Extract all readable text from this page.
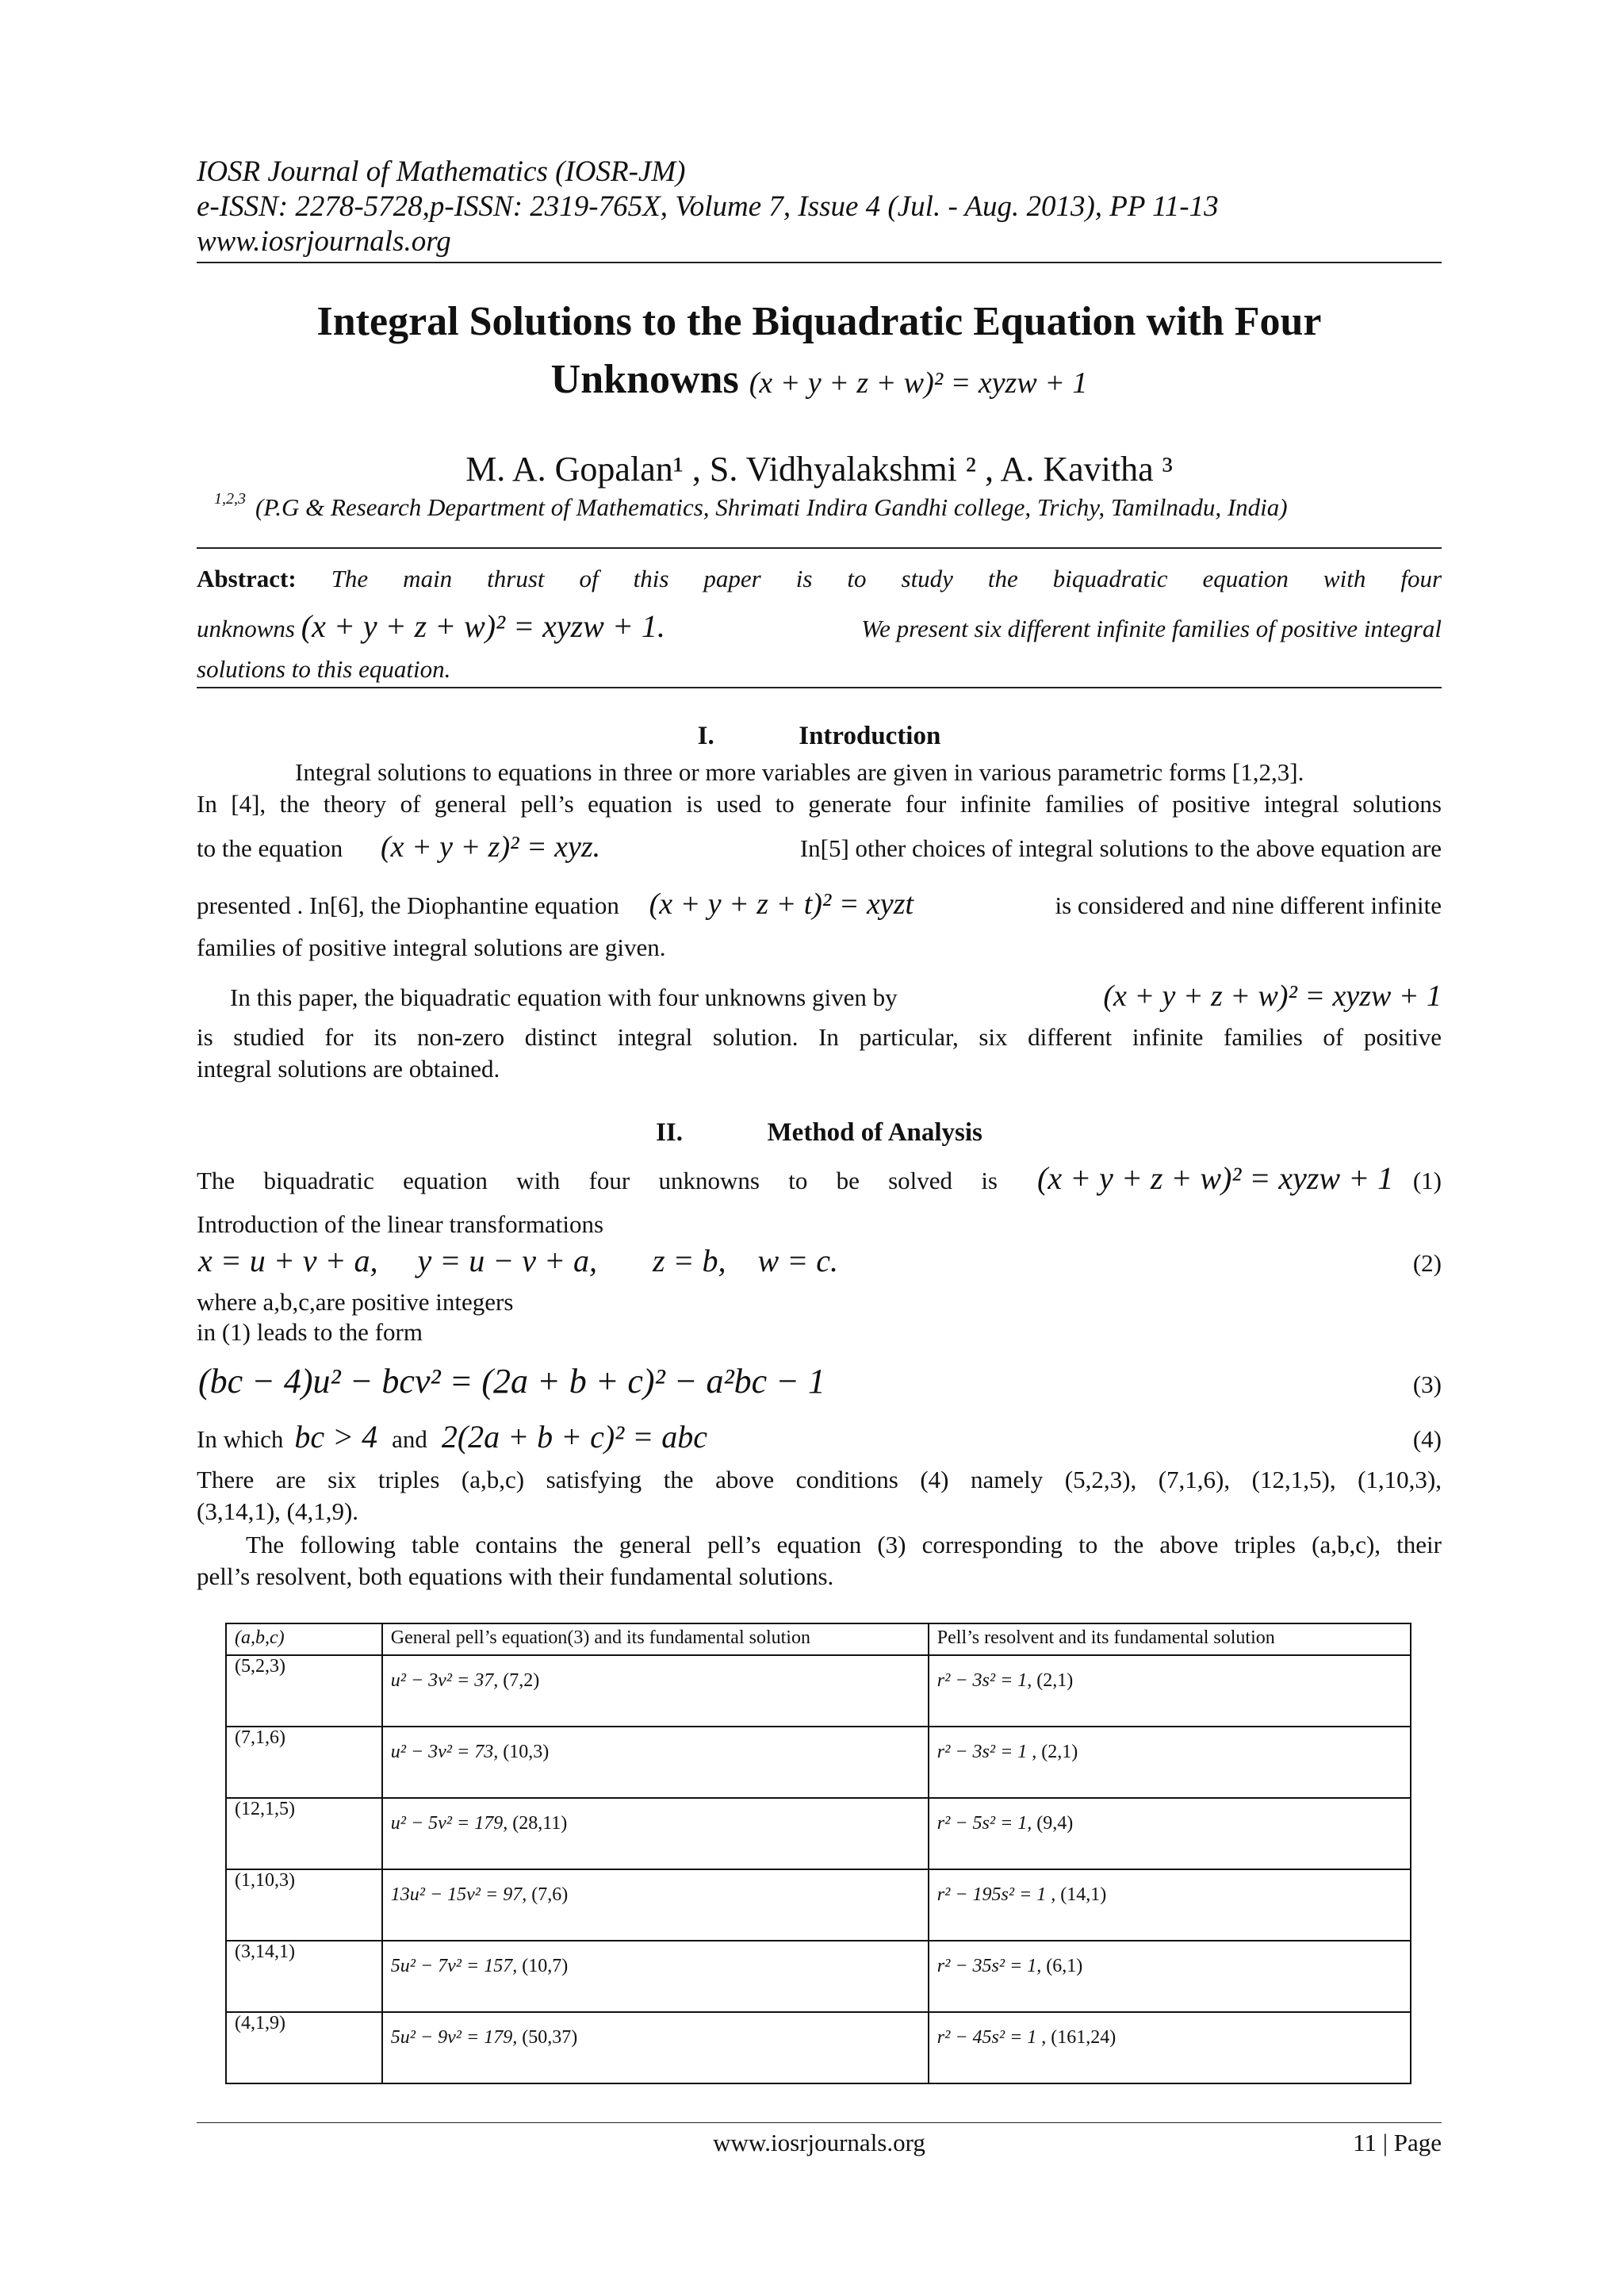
IOSR Journal of Mathematics (IOSR-JM)
e-ISSN: 2278-5728,p-ISSN: 2319-765X, Volume 7, Issue 4 (Jul. - Aug. 2013), PP 11-13
www.iosrjournals.org
Integral Solutions to the Biquadratic Equation with Four
Unknowns (x + y + z + w)² = xyzw + 1
M. A. Gopalan¹ , S. Vidhyalakshmi ² , A. Kavitha ³
1,2,3 (P.G & Research Department of Mathematics, Shrimati Indira Gandhi college, Trichy, Tamilnadu, India)
Abstract: The main thrust of this paper is to study the biquadratic equation with four
unknowns (x + y + z + w)² = xyzw + 1.	We present six different infinite families of positive integral
solutions to this equation.
I.	Introduction
Integral solutions to equations in three or more variables are given in various parametric forms [1,2,3].
In [4], the theory of general pell’s equation is used to generate four infinite families of positive integral solutions
to the equation (x + y + z)² = xyz.	In[5] other choices of integral solutions to the above equation are
presented . In[6], the Diophantine equation (x + y + z + t)² = xyzt	is considered and nine different infinite
families of positive integral solutions are given.
In this paper, the biquadratic equation with four unknowns given by	(x + y + z + w)² = xyzw + 1
is studied for its non-zero distinct integral solution. In particular, six different infinite families of positive
integral solutions are obtained.
II.	Method of Analysis
The biquadratic equation with four unknowns to be solved is (x + y + z + w)² = xyzw + 1 (1)
Introduction of the linear transformations
x = u + v + a,     y = u − v + a,       z = b,    w = c.	(2)
where a,b,c,are positive integers
in (1) leads to the form
(bc − 4)u² − bcv² = (2a + b + c)² − a²bc − 1	(3)
In which bc > 4 and 2(2a + b + c)² = abc	(4)
There are six triples (a,b,c) satisfying the above conditions (4) namely (5,2,3), (7,1,6), (12,1,5), (1,10,3),
(3,14,1), (4,1,9).
The following table contains the general pell’s equation (3) corresponding to the above triples (a,b,c), their
pell’s resolvent, both equations with their fundamental solutions.
(a,b,c)	General pell’s equation(3) and its fundamental solution	Pell’s resolvent and its fundamental solution
(5,2,3)	u² − 3v² = 37, (7,2)	r² − 3s² = 1, (2,1)
(7,1,6)	u² − 3v² = 73, (10,3)	r² − 3s² = 1 , (2,1)
(12,1,5)	u² − 5v² = 179, (28,11)	r² − 5s² = 1, (9,4)
(1,10,3)	13u² − 15v² = 97, (7,6)	r² − 195s² = 1 , (14,1)
(3,14,1)	5u² − 7v² = 157, (10,7)	r² − 35s² = 1, (6,1)
(4,1,9)	5u² − 9v² = 179, (50,37)	r² − 45s² = 1 , (161,24)
www.iosrjournals.org	11 | Page
